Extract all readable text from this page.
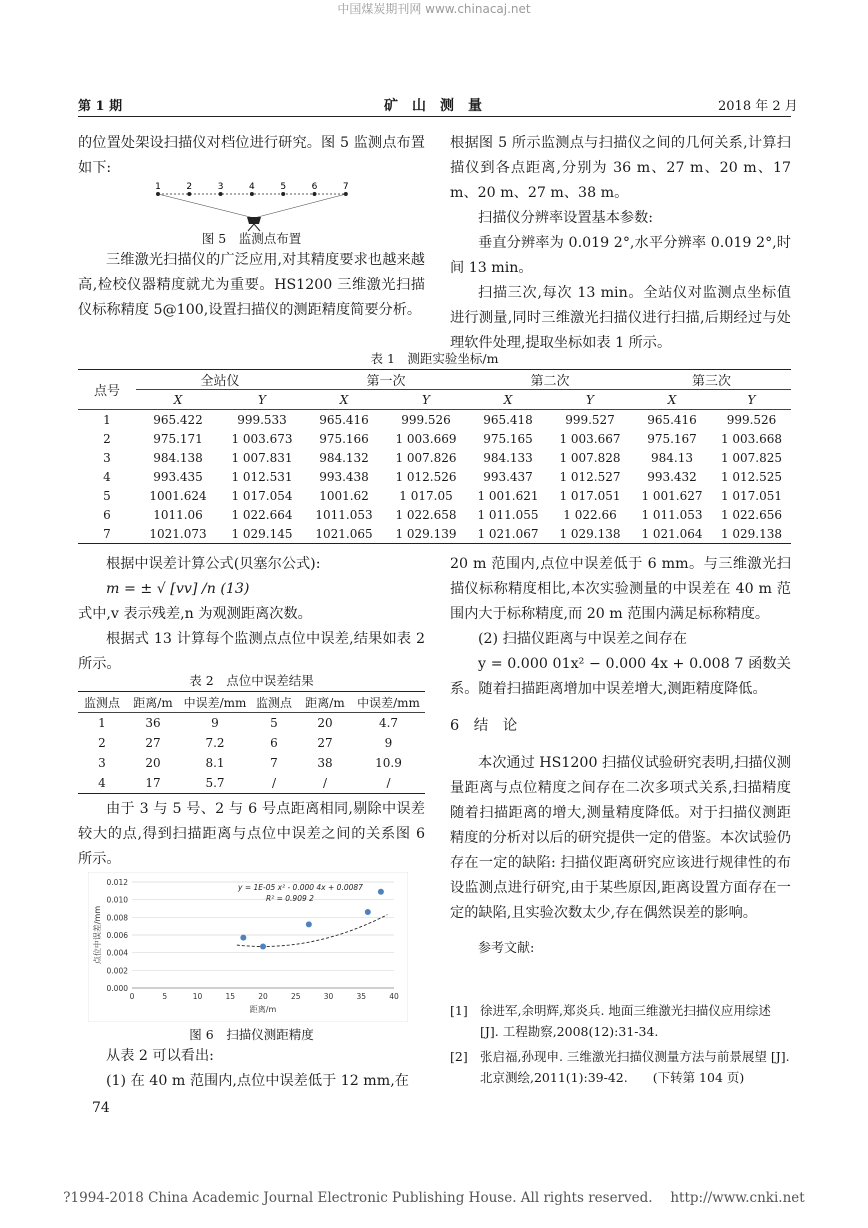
中国煤炭期刊网 www.chinacaj.net
第 1 期	矿　山　测　量	2018 年 2 月

的位置处架设扫描仪对档位进行研究。图 5 监测点布置如下:

1	2	3	4	5	6	7
图 5　监测点布置

三维激光扫描仪的广泛应用,对其精度要求也越来越高,检校仪器精度就尤为重要。HS1200 三维激光扫描仪标称精度 5@100,设置扫描仪的测距精度简要分析。

根据图 5 所示监测点与扫描仪之间的几何关系,计算扫描仪到各点距离,分别为 36 m、27 m、20 m、17 m、20 m、27 m、38 m。

扫描仪分辨率设置基本参数:

垂直分辨率为 0.019 2°,水平分辨率 0.019 2°,时间 13 min。

扫描三次,每次 13 min。全站仪对监测点坐标值进行测量,同时三维激光扫描仪进行扫描,后期经过与处理软件处理,提取坐标如表 1 所示。

表 1　测距实验坐标/m
点号	全站仪		第一次		第二次		第三次	
	X	Y	X	Y	X	Y	X	Y
1	965.422	999.533	965.416	999.526	965.418	999.527	965.416	999.526
2	975.171	1 003.673	975.166	1 003.669	975.165	1 003.667	975.167	1 003.668
3	984.138	1 007.831	984.132	1 007.826	984.133	1 007.828	984.13	1 007.825
4	993.435	1 012.531	993.438	1 012.526	993.437	1 012.527	993.432	1 012.525
5	1001.624	1 017.054	1001.62	1 017.05	1 001.621	1 017.051	1 001.627	1 017.051
6	1011.06	1 022.664	1011.053	1 022.658	1 011.055	1 022.66	1 011.053	1 022.656
7	1021.073	1 029.145	1021.065	1 029.139	1 021.067	1 029.138	1 021.064	1 029.138

根据中误差计算公式(贝塞尔公式):

m = ± √ [vv] /n (13)

式中,v 表示残差,n 为观测距离次数。

根据式 13 计算每个监测点点位中误差,结果如表 2 所示。

表 2　点位中误差结果
监测点	距离/m	中误差/mm	监测点	距离/m	中误差/mm
1	36	9	5	20	4.7
2	27	7.2	6	27	9
3	20	8.1	7	38	10.9
4	17	5.7	/	/	/

由于 3 与 5 号、2 与 6 号点距离相同,剔除中误差较大的点,得到扫描距离与点位中误差之间的关系图 6 所示。

0.000
0.002
0.004
0.006
0.008
0.010
0.012
0	5	10	15	20	25	30	35	40
距离/m
点位中误差/mm
y = 1E-05 x² - 0.000 4x + 0.0087
R² = 0.909 2
图 6　扫描仪测距精度

从表 2 可以看出:

(1) 在 40 m 范围内,点位中误差低于 12 mm,在

20 m 范围内,点位中误差低于 6 mm。与三维激光扫描仪标称精度相比,本次实验测量的中误差在 40 m 范围内大于标称精度,而 20 m 范围内满足标称精度。

(2) 扫描仪距离与中误差之间存在

y = 0.000 01x² − 0.000 4x + 0.008 7 函数关系。随着扫描距离增加中误差增大,测距精度降低。

6　结　论

本次通过 HS1200 扫描仪试验研究表明,扫描仪测量距离与点位精度之间存在二次多项式关系,扫描精度随着扫描距离的增大,测量精度降低。对于扫描仪测距精度的分析对以后的研究提供一定的借鉴。本次试验仍存在一定的缺陷: 扫描仪距离研究应该进行规律性的布设监测点进行研究,由于某些原因,距离设置方面存在一定的缺陷,且实验次数太少,存在偶然误差的影响。

参考文献:

[1] 徐进军,余明辉,郑炎兵. 地面三维激光扫描仪应用综述 [J]. 工程勘察,2008(12):31-34.
[2] 张启福,孙现申. 三维激光扫描仪测量方法与前景展望 [J]. 北京测绘,2011(1):39-42.　　(下转第 104 页)
74
?1994-2018 China Academic Journal Electronic Publishing House. All rights reserved.　 http://www.cnki.net
